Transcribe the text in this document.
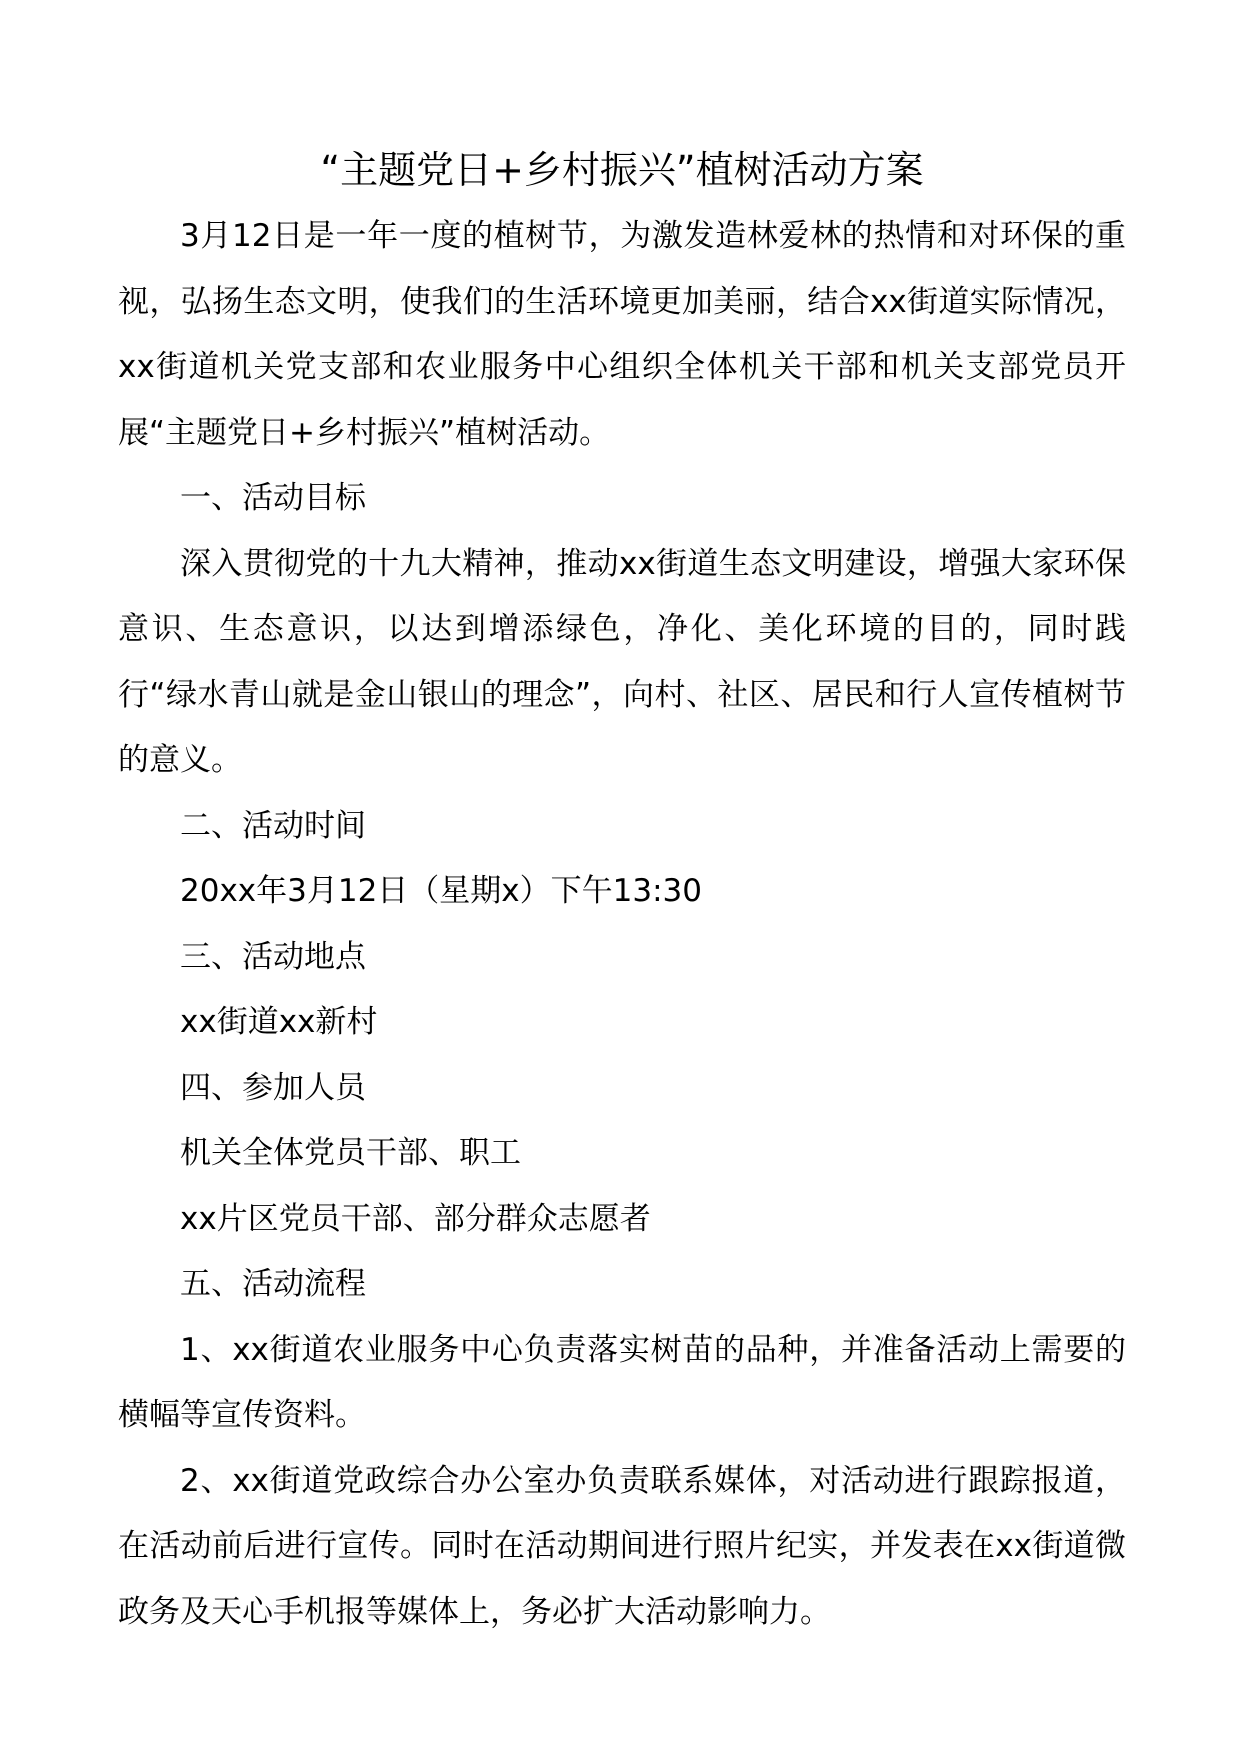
“主题党日+乡村振兴”植树活动方案

3月12日是一年一度的植树节，为激发造林爱林的热情和对环保的重视，弘扬生态文明，使我们的生活环境更加美丽，结合xx街道实际情况，xx街道机关党支部和农业服务中心组织全体机关干部和机关支部党员开展“主题党日+乡村振兴”植树活动。

一、活动目标

深入贯彻党的十九大精神，推动xx街道生态文明建设，增强大家环保意识、生态意识，以达到增添绿色，净化、美化环境的目的，同时践行“绿水青山就是金山银山的理念”，向村、社区、居民和行人宣传植树节的意义。

二、活动时间

20xx年3月12日（星期x）下午13:30

三、活动地点

xx街道xx新村

四、参加人员

机关全体党员干部、职工

xx片区党员干部、部分群众志愿者

五、活动流程

1、xx街道农业服务中心负责落实树苗的品种，并准备活动上需要的横幅等宣传资料。

2、xx街道党政综合办公室办负责联系媒体，对活动进行跟踪报道，在活动前后进行宣传。同时在活动期间进行照片纪实，并发表在xx街道微政务及天心手机报等媒体上，务必扩大活动影响力。
